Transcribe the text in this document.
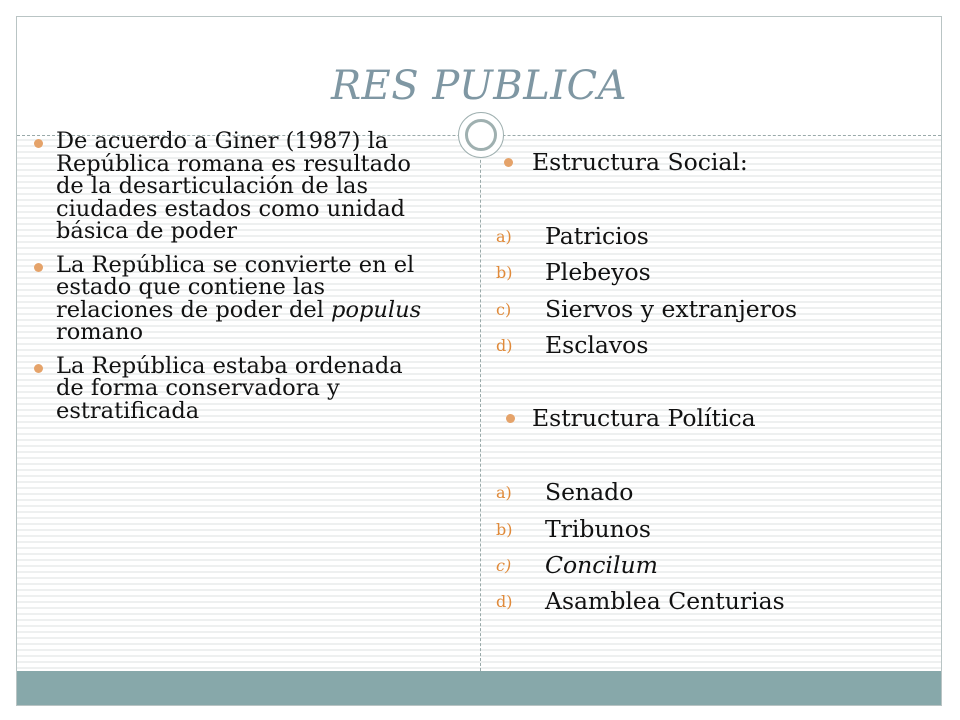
RES PUBLICA
De acuerdo a Giner (1987) la República romana es resultado de la desarticulación de las ciudades estados como unidad básica de poder
La República se convierte en el estado que contiene las relaciones de poder del populus romano
La República estaba ordenada de forma conservadora y estratificada
Estructura Social:
a) Patricios
b) Plebeyos
c) Siervos y extranjeros
d) Esclavos
Estructura Política
a) Senado
b) Tribunos
c) Concilum
d) Asamblea Centurias
